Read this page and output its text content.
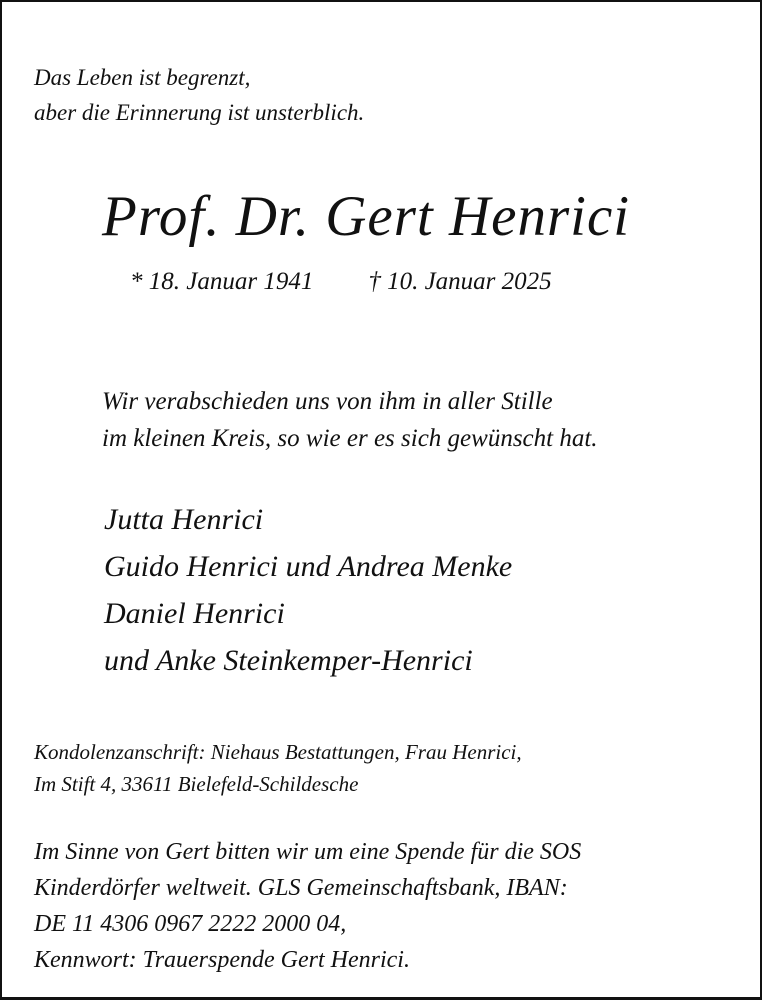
Das Leben ist begrenzt,
aber die Erinnerung ist unsterblich.
Prof. Dr. Gert Henrici
* 18. Januar 1941 † 10. Januar 2025
Wir verabschieden uns von ihm in aller Stille
im kleinen Kreis, so wie er es sich gewünscht hat.
Jutta Henrici
Guido Henrici und Andrea Menke
Daniel Henrici
und Anke Steinkemper-Henrici
Kondolenzanschrift: Niehaus Bestattungen, Frau Henrici,
Im Stift 4, 33611 Bielefeld-Schildesche
Im Sinne von Gert bitten wir um eine Spende für die SOS
Kinderdörfer weltweit. GLS Gemeinschaftsbank, IBAN:
DE 11 4306 0967 2222 2000 04,
Kennwort: Trauerspende Gert Henrici.
